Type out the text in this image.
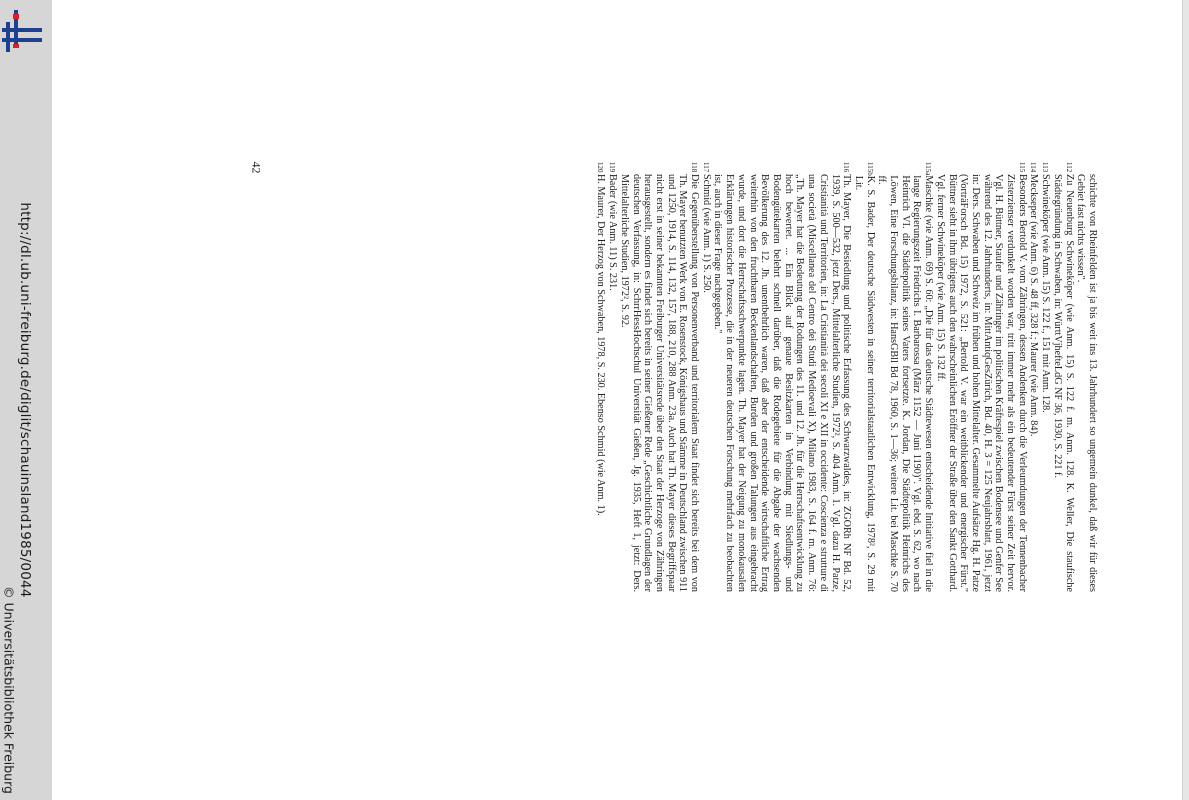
http://dl.ub.uni-freiburg.de/diglit/schauinsland1985/0044
© Universitätsbibliothek Freiburg
42

schichte von Rheinfelden ist ja bis weit ins 13. Jahrhundert so ungemein dunkel, daß wir für dieses Gebiet fast nichts wissen".

112
Zu Neuenburg Schwineköper (wie Anm. 15) S. 122 f. m. Anm. 128. K. Weller, Die staufische Städtegründung in Schwaben, in: WürttVjhefteLdG NF 36, 1930, S. 221 f.
113
Schwineköper (wie Anm. 15) S. 122 f., 151 mit Anm. 128.
114
Meckseper (wie Anm. 6) S. 48 ff, 328 f.; Maurer (wie Anm. 84).
115
Besonders Bertold V. vom Zähringen, dessen Andenken durch die Verleumdungen der Tennenbacher Zisterzienser verdunkelt worden war, tritt immer mehr als ein bedeutender Fürst seiner Zeit hervor. Vgl. H. Büttner, Staufer und Zähringer im politischen Kräftespiel zwischen Bodensee und Genfer See während des 12. Jahrhunderts, in: MittAntiqGesZürich, Bd. 40, H. 3 = 125 Neujahrsblatt, 1961, jetzt in: Ders. Schwaben und Schweiz im frühen und hohen Mittelalter. Gesammelte Aufsätze Hg. H. Patze (VorträForsch Bd. 15) 1972, S. 521: „Bertold V. war ein weitblickender und energischer Fürst." Büttner sieht in ihm übrigens auch den wahrscheinlichen Eröffner der Straße über den Sankt Gotthard. Vgl. ferner Schwineköper (wie Anm. 15) S. 132 ff.
115a
Maschke (wie Anm. 69) S. 60: „Die für das deutsche Städtewesen entscheidende Initiative fiel in die lange Regierungszeit Friedrichs I. Barbarossa (März 1152 — Juni 1190)". Vgl. ebd. S. 62, wo nach Heinrich VI. die Städtepolitik seines Vaters fortsetzte. K. Jordan, Die Städtepolitik Heinrichs des Löwen, Eine Forschungsbilanz, in: HansGBll Bd 78, 1960, S. 1—36; weitere Lit. bei Maschke S. 70 ff.
115b
K. S. Bader, Der deutsche Südwesten in seiner territorialstaatlichen Entwicklung, 1978², S. 29 mit Lit.
116
Th. Mayer, Die Besiedlung und politische Erfassung des Schwarzwaldes, in: ZGORh NF Bd. 52, 1939, S. 500—532, jetzt Ders., Mittelalterliche Studien, 1972², S. 404 Anm. 1. Vgl. dazu H. Patze, Cristianità und Territorien, in: La Cristianità dei secoli XI e XII in occidente: Coscienza e strutture di una società (Miscellanea del Centro dei Studi Medioevali X), Milano 1983, S. 164 f. m. Anm. 76: „Th. Mayer hat die Bedeutung der Rodungen des 11. und 12. Jh. für die Herrschaftsentwicklung zu hoch bewertet. ... Ein Blick auf genaue Besitzkarten in Verbindung mit Siedlungs- und Bodengütekarten belehrt schnell darüber, daß die Rodegebiete für die Abgabe der wachsenden Bevölkerung des 12. Jh. unentbehrlich waren, daß aber der entscheidende wirtschaftliche Ertrag weiterhin von den fruchtbaren Beckenlandschaften, Burden und großen Talungen aus eingebracht wurde, und dort die Herrschaftsschwerpunkte lagen. Th. Mayer hat der Neigung zu monokausalen Erklärungen historischer Prozesse, die in der neueren deutschen Forschung mehrfach zu beobachten ist, auch in dieser Frage nachgegeben."
117
Schmid (wie Anm. 1) S. 250.
118
Die Gegenüberstellung von Personenverband und territorialem Staat findet sich bereits bei dem von Th. Mayer benutzten Werk von E. Rosenstock, Königshaus und Stämme in Deutschland zwischen 911 und 1250, 1914, S. 114, 132, 157, 188, 210, 288 Anm. 23a. Auch hat Th. Mayer dieses Begriffspaar nicht erst in seiner bekannten Freiburger Universitätsrede über den Staat der Herzoge von Zähringen herausgestellt, sondern es findet sich bereits in seiner Gießener Rede „Geschichtliche Grundlagen der deutschen Verfassung, in: SchrrHessHochschul Universität Gießen, Jg. 1935, Heft 1, jetzt: Ders. Mittelalterliche Studien, 1972², S. 92.
119
Bader (wie Anm. 11) S. 231.
120
H. Maurer, Der Herzog von Schwaben, 1978, S. 230. Ebenso Schmid (wie Anm. 1).
